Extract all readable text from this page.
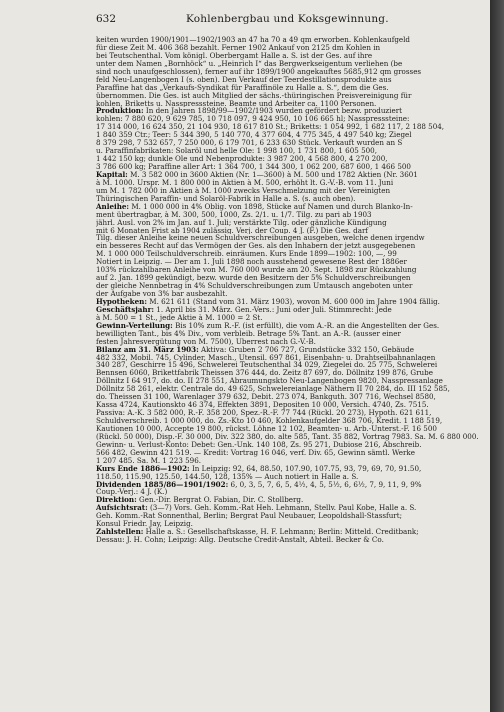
632	Kohlenbergbau und Koksgewinnung.
keiten wurden 1900/1901—1902/1903 an 47 ha 70 a 49 qm erworben. Kohlenkaufgeld
für diese Zeit M. 406 368 bezahlt. Ferner 1902 Ankauf von 2125 dm Kohlen in
bei Teutschenthal. Vom königl. Oberbergamt Halle a. S. ist der Ges. auf ihre
unter dem Namen „Bornhöck“ u. „Heinrich I“ das Bergwerkseigentum verliehen (be
sind noch unaufgeschlossen), ferner auf ihr 1899/1900 angekauftes 5685,912 qm grosses
feld Neu-Langenbogen I (s. oben). Den Verkauf der Teerdestillationsprodukte aus
Paraffine hat das „Verkaufs-Syndikat für Paraffinöle zu Halle a. S.“, dem die Ges.
übernommen. Die Ges. ist auch Mitglied der sächs.-thüringischen Preisvereinigung für
kohlen, Briketts u. Nasspresssteine. Beamte und Arbeiter ca. 1100 Personen.
Produktion: In den Jahren 1898/99—1902/1903 wurden gefördert bezw. produziert
kohlen: 7 880 620, 9 629 785, 10 718 097, 9 424 950, 10 106 665 hl; Nasspresssteine:
17 314 000, 16 624 350, 21 104 930, 18 617 810 St.; Briketts: 1 054 992, 1 682 117, 2 188 504,
1 840 359 Ctr.; Teer: 5 344 390, 5 140 770, 4 377 604, 4 775 345, 4 497 540 kg; Ziegel
8 379 298, 7 532 657, 7 250 000, 6 179 701, 6 233 630 Stück. Verkauft wurden an S
u. Paraffinfabrikaten: Solaröl und helle Öle: 1 998 100, 1 731 800, 1 605 500,
1 442 150 kg; dunkle Öle und Nebenprodukte: 3 987 200, 4 568 800, 4 270 200,
3 786 600 kg; Paraffine aller Art: 1 364 700, 1 344 300, 1 062 200, 687 600, 1 466 500
Kapital: M. 3 582 000 in 3600 Aktien (Nr. 1—3600) à M. 500 und 1782 Aktien (Nr. 3601
à M. 1000. Urspr. M. 1 800 000 in Aktien à M. 500, erhöht lt. G.-V.-B. vom 11. Juni
um M. 1 782 000 in Aktien à M. 1000 zwecks Verschmelzung mit der Vereinigten
Thüringischen Paraffin- und Solaröl-Fabrik in Halle a. S. (s. auch oben).
Anleihe: M. 1 000 000 in 4% Oblig. von 1898, Stücke auf Namen und durch Blanko-In-
ment übertragbar, à M. 300, 500, 1000, Zs. 2/1. u. 1/7. Tilg. zu pari ab 1903
jährl. Ausl. von 2% im Jan. auf 1. Juli; verstärkte Tilg. oder gänzliche Kündigung
mit 6 Monaten Frist ab 1904 zulässig. Verj. der Coup. 4 J. (F.) Die Ges. darf
Tilg. dieser Anleihe keine neuen Schuldverschreibungen ausgeben, welche denen irgendw
ein besseres Recht auf das Vermögen der Ges. als den Inhabern der jetzt ausgegebenen
M. 1 000 000 Teilschuldverschreib. einräumen. Kurs Ende 1899—1902: 100, —, 99
Notiert in Leipzig. — Der am 1. Juli 1898 noch ausstehend gewesene Rest der 1886er
103% rückzahlbaren Anleihe von M. 760 000 wurde am 20. Sept. 1898 zur Rückzahlung
auf 2. Jan. 1899 gekündigt, bezw. wurde den Besitzern der 5% Schuldverschreibungen
der gleiche Nennbetrag in 4% Schuldverschreibungen zum Umtausch angeboten unter
der Aufgabe von 3% bar ausbezahlt.
Hypotheken: M. 621 611 (Stand vom 31. März 1903), wovon M. 600 000 im Jahre 1904 fällig.
Geschäftsjahr: 1. April bis 31. März. Gen.-Vers.: Juni oder Juli. Stimmrecht: Jede
à M. 500 = 1 St., jede Aktie à M. 1000 = 2 St.
Gewinn-Verteilung: Bis 10% zum R.-F. (ist erfüllt), die vom A.-R. an die Angestellten der Ges.
bewilligten Tant., bis 4% Div., vom verbleib. Betrage 5% Tant. an A.-R. (ausser einer
festen Jahresvergütung von M. 7500), Überrest nach G.-V.-B.
Bilanz am 31. März 1903: Aktiva: Gruben 2 706 727, Grundstücke 332 150, Gebäude
482 332, Mobil. 745, Cylinder, Masch., Utensil. 697 861, Eisenbahn- u. Drahtseilbahnanlagen
340 287, Geschirre 15 496, Schwelerei Teutschenthal 34 029, Ziegelei do. 25 775, Schwelerei
Bennsen 6060, Brikettfabrik Theissen 376 444, do. Zeitz 87 697, do. Döllnitz 199 876, Grube
Döllnitz I 64 917, do. do. II 278 551, Abraumungskto Neu-Langenbogen 9820, Nasspressanlage
Döllnitz 58 261, elektr. Centrale do. 49 625, Schwelereianlage Näthern II 70 284, do. III 152 585,
do. Theissen 31 100, Warenlager 379 632, Debit. 273 074, Bankguth. 307 716, Wechsel 8580,
Kassa 4724, Kautionskto 46 374, Effekten 3891, Depositen 10 000, Versich. 4740, Zs. 7515.
Passiva: A.-K. 3 582 000, R.-F. 358 200, Spez.-R.-F. 77 744 (Rückl. 20 273), Hypoth. 621 611,
Schuldverschreib. 1 000 000, do. Zs.-Kto 10 460, Kohlenkaufgelder 368 706, Kredit. 1 188 519,
Kautionen 10 000, Accepte 19 800, rückst. Löhne 12 102, Beamten- u. Arb.-Unterst.-F. 16 500
(Rückl. 50 000), Disp.-F. 30 000, Div. 322 380, do. alte 585, Tant. 35 882, Vortrag 7983. Sa. M. 6 880 000.
Gewinn- u. Verlust-Konto: Debet: Gen.-Unk. 140 108, Zs. 95 271, Dubiose 216, Abschreib.
566 482, Gewinn 421 519. — Kredit: Vortrag 16 046, verf. Div. 65, Gewinn sämtl. Werke
1 207 485. Sa. M. 1 223 596.
Kurs Ende 1886—1902: In Leipzig: 92, 64, 88.50, 107.90, 107.75, 93, 79, 69, 70, 91.50,
118.50, 115.90, 125.50, 144.50, 128, 135% — Auch notiert in Halle a. S.
Dividenden 1885/86—1901/1902: 6, 0, 3, 5, 7, 6, 5, 4½, 4, 5, 5½, 6, 6½, 7, 9, 11, 9, 9%
Coup.-Verj.: 4 J. (K.)
Direktion: Gen.-Dir. Bergrat O. Fabian, Dir. C. Stollberg.
Aufsichtsrat: (3—7) Vors. Geh. Komm.-Rat Heh. Lehmann, Stellv. Paul Kobe, Halle a. S.
Geh. Komm.-Rat Sonnenthal, Berlin; Bergrat Paul Neubauer, Leopoldshall-Stassfurt;
Konsul Friedr. Jay, Leipzig.
Zahlstellen: Halle a. S.: Gesellschaftskasse, H. F. Lehmann; Berlin: Mitteld. Creditbank;
Dessau: J. H. Cohn; Leipzig: Allg. Deutsche Credit-Anstalt, Abteil. Becker & Co.
